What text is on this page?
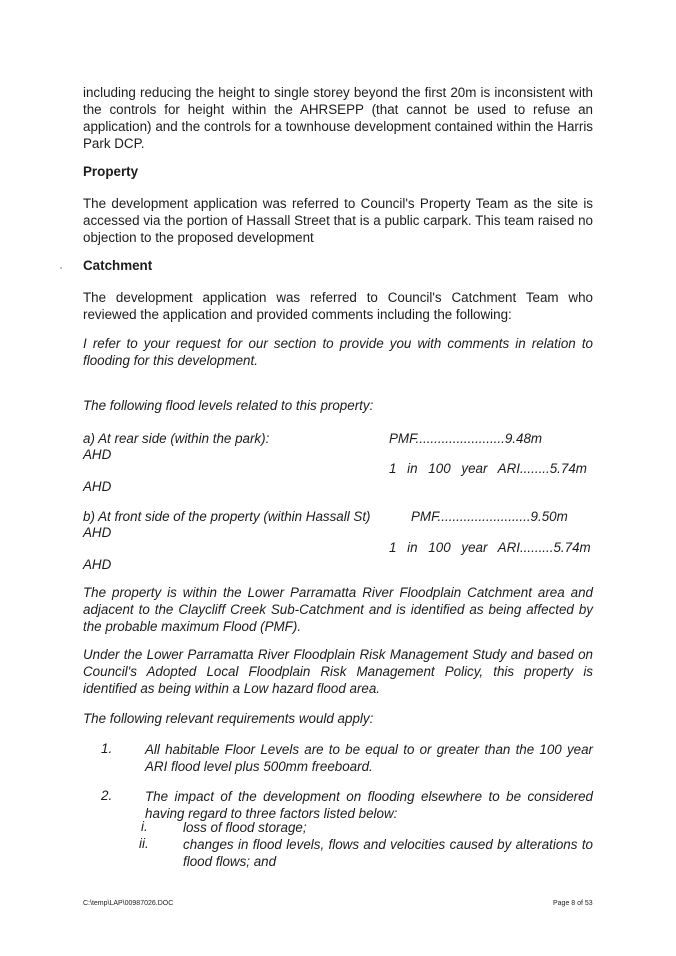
including reducing the height to single storey beyond the first 20m is inconsistent with the controls for height within the AHRSEPP (that cannot be used to refuse an application) and the controls for a townhouse development contained within the Harris Park DCP.

Property

The development application was referred to Council's Property Team as the site is accessed via the portion of Hassall Street that is a public carpark. This team raised no objection to the proposed development

Catchment

The development application was referred to Council's Catchment Team who reviewed the application and provided comments including the following:

I refer to your request for our section to provide you with comments in relation to flooding for this development.

The following flood levels related to this property:

a) At rear side (within the park):	PMF........................9.48m
AHD
1 in 100 year ARI........5.74m
AHD
b) At front side of the property (within Hassall St)	PMF.........................9.50m
AHD
1 in 100 year ARI.........5.74m
AHD

The property is within the Lower Parramatta River Floodplain Catchment area and adjacent to the Claycliff Creek Sub-Catchment and is identified as being affected by the probable maximum Flood (PMF).

Under the Lower Parramatta River Floodplain Risk Management Study and based on Council's Adopted Local Floodplain Risk Management Policy, this property is identified as being within a Low hazard flood area.

The following relevant requirements would apply:

1. All habitable Floor Levels are to be equal to or greater than the 100 year ARI flood level plus 500mm freeboard.

2. The impact of the development on flooding elsewhere to be considered having regard to three factors listed below:

i.	loss of flood storage;

ii.	changes in flood levels, flows and velocities caused by alterations to flood flows; and

C:\temp\LAP\00987026.DOC	Page 8 of 53
